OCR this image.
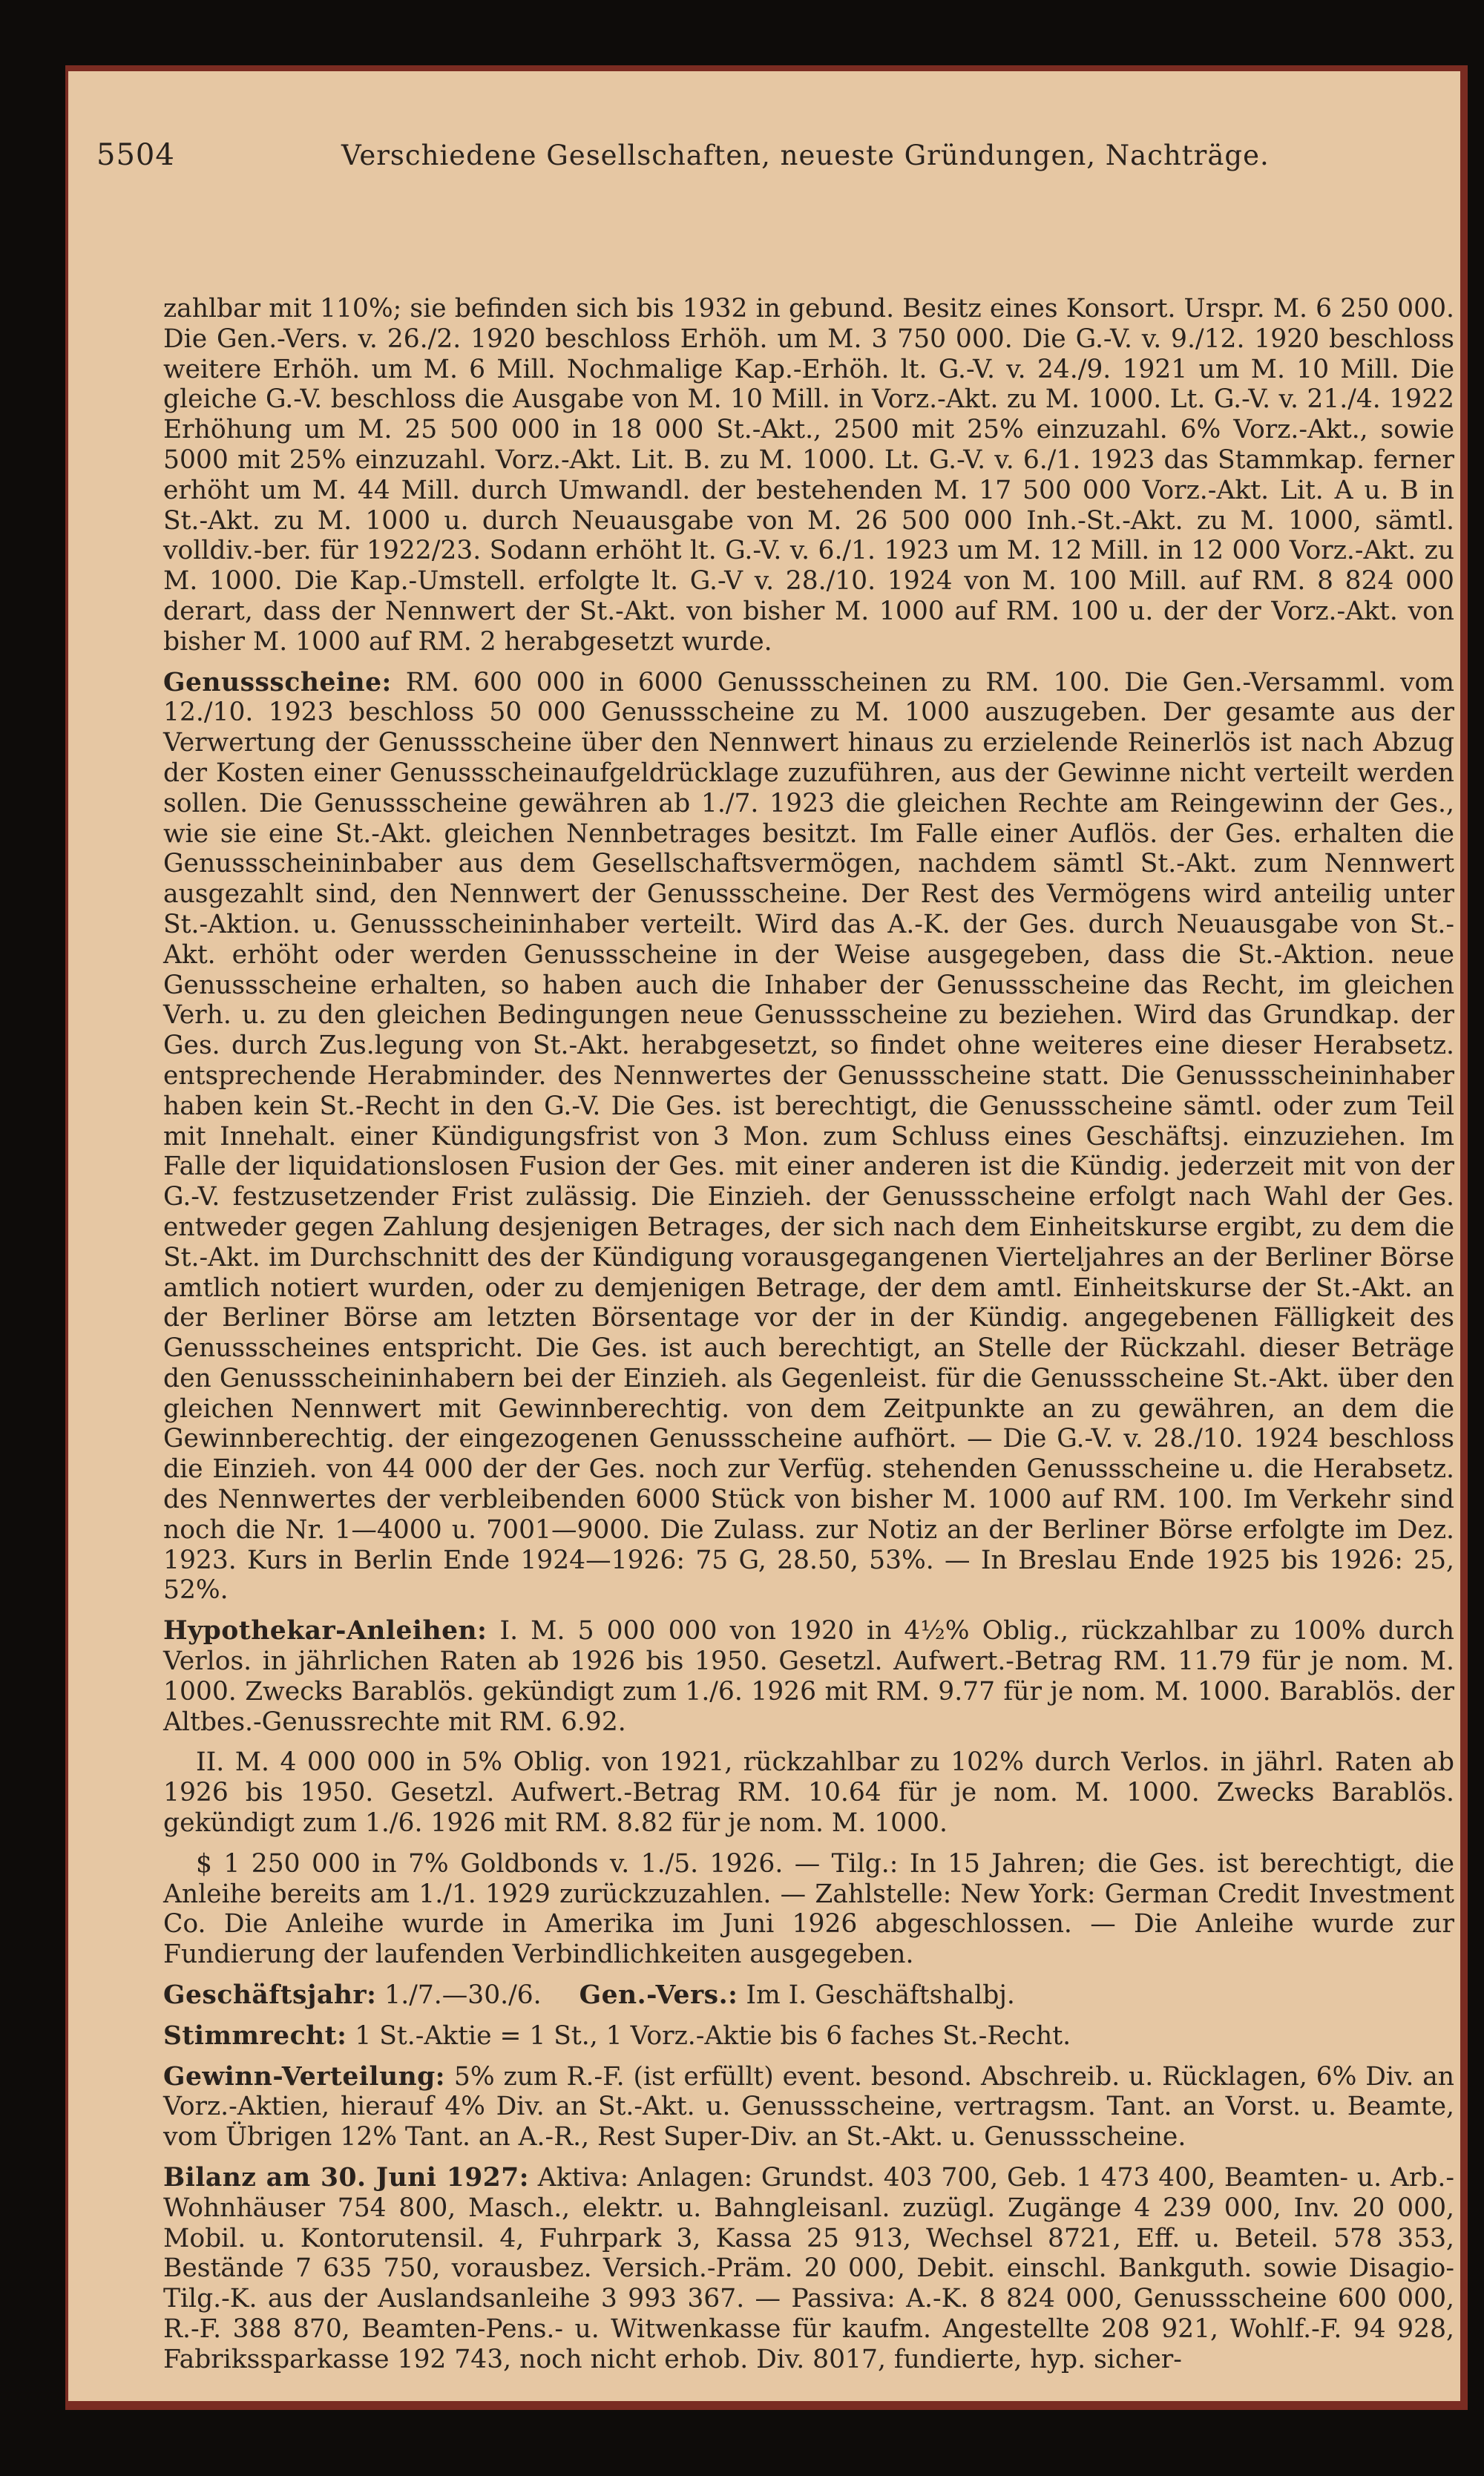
5504	Verschiedene Gesellschaften, neueste Gründungen, Nachträge.

zahlbar mit 110%; sie befinden sich bis 1932 in gebund. Besitz eines Konsort. Urspr. M. 6 250 000. Die Gen.-Vers. v. 26./2. 1920 beschloss Erhöh. um M. 3 750 000. Die G.-V. v. 9./12. 1920 beschloss weitere Erhöh. um M. 6 Mill. Nochmalige Kap.-Erhöh. lt. G.-V. v. 24./9. 1921 um M. 10 Mill. Die gleiche G.-V. beschloss die Ausgabe von M. 10 Mill. in Vorz.-Akt. zu M. 1000. Lt. G.-V. v. 21./4. 1922 Erhöhung um M. 25 500 000 in 18 000 St.-Akt., 2500 mit 25% einzuzahl. 6% Vorz.-Akt., sowie 5000 mit 25% einzuzahl. Vorz.-Akt. Lit. B. zu M. 1000. Lt. G.-V. v. 6./1. 1923 das Stammkap. ferner erhöht um M. 44 Mill. durch Umwandl. der bestehenden M. 17 500 000 Vorz.-Akt. Lit. A u. B in St.-Akt. zu M. 1000 u. durch Neuausgabe von M. 26 500 000 Inh.-St.-Akt. zu M. 1000, sämtl. volldiv.-ber. für 1922/23. Sodann erhöht lt. G.-V. v. 6./1. 1923 um M. 12 Mill. in 12 000 Vorz.-Akt. zu M. 1000. Die Kap.-Umstell. erfolgte lt. G.-V v. 28./10. 1924 von M. 100 Mill. auf RM. 8 824 000 derart, dass der Nennwert der St.-Akt. von bisher M. 1000 auf RM. 100 u. der der Vorz.-Akt. von bisher M. 1000 auf RM. 2 herabgesetzt wurde.

Genussscheine: RM. 600 000 in 6000 Genussscheinen zu RM. 100. Die Gen.-Versamml. vom 12./10. 1923 beschloss 50 000 Genussscheine zu M. 1000 auszugeben. Der gesamte aus der Verwertung der Genussscheine über den Nennwert hinaus zu erzielende Reinerlös ist nach Abzug der Kosten einer Genussscheinaufgeldrücklage zuzuführen, aus der Gewinne nicht verteilt werden sollen. Die Genussscheine gewähren ab 1./7. 1923 die gleichen Rechte am Reingewinn der Ges., wie sie eine St.-Akt. gleichen Nennbetrages besitzt. Im Falle einer Auflös. der Ges. erhalten die Genussscheininbaber aus dem Gesellschaftsvermögen, nachdem sämtl St.-Akt. zum Nennwert ausgezahlt sind, den Nennwert der Genussscheine. Der Rest des Vermögens wird anteilig unter St.-Aktion. u. Genussscheininhaber verteilt. Wird das A.-K. der Ges. durch Neuausgabe von St.-Akt. erhöht oder werden Genussscheine in der Weise ausgegeben, dass die St.-Aktion. neue Genussscheine erhalten, so haben auch die Inhaber der Genussscheine das Recht, im gleichen Verh. u. zu den gleichen Bedingungen neue Genussscheine zu beziehen. Wird das Grundkap. der Ges. durch Zus.legung von St.-Akt. herabgesetzt, so findet ohne weiteres eine dieser Herabsetz. entsprechende Herabminder. des Nennwertes der Genussscheine statt. Die Genussscheininhaber haben kein St.-Recht in den G.-V. Die Ges. ist berechtigt, die Genussscheine sämtl. oder zum Teil mit Innehalt. einer Kündigungsfrist von 3 Mon. zum Schluss eines Geschäftsj. einzuziehen. Im Falle der liquidationslosen Fusion der Ges. mit einer anderen ist die Kündig. jederzeit mit von der G.-V. festzusetzender Frist zulässig. Die Einzieh. der Genussscheine erfolgt nach Wahl der Ges. entweder gegen Zahlung desjenigen Betrages, der sich nach dem Einheitskurse ergibt, zu dem die St.-Akt. im Durchschnitt des der Kündigung vorausgegangenen Vierteljahres an der Berliner Börse amtlich notiert wurden, oder zu demjenigen Betrage, der dem amtl. Einheitskurse der St.-Akt. an der Berliner Börse am letzten Börsentage vor der in der Kündig. angegebenen Fälligkeit des Genussscheines entspricht. Die Ges. ist auch berechtigt, an Stelle der Rückzahl. dieser Beträge den Genussscheininhabern bei der Einzieh. als Gegenleist. für die Genussscheine St.-Akt. über den gleichen Nennwert mit Gewinnberechtig. von dem Zeitpunkte an zu gewähren, an dem die Gewinnberechtig. der eingezogenen Genussscheine aufhört. — Die G.-V. v. 28./10. 1924 beschloss die Einzieh. von 44 000 der der Ges. noch zur Verfüg. stehenden Genussscheine u. die Herabsetz. des Nennwertes der verbleibenden 6000 Stück von bisher M. 1000 auf RM. 100. Im Verkehr sind noch die Nr. 1—4000 u. 7001—9000. Die Zulass. zur Notiz an der Berliner Börse erfolgte im Dez. 1923. Kurs in Berlin Ende 1924—1926: 75 G, 28.50, 53%. — In Breslau Ende 1925 bis 1926: 25, 52%.

Hypothekar-Anleihen: I. M. 5 000 000 von 1920 in 4½% Oblig., rückzahlbar zu 100% durch Verlos. in jährlichen Raten ab 1926 bis 1950. Gesetzl. Aufwert.-Betrag RM. 11.79 für je nom. M. 1000. Zwecks Barablös. gekündigt zum 1./6. 1926 mit RM. 9.77 für je nom. M. 1000. Barablös. der Altbes.-Genussrechte mit RM. 6.92.

II. M. 4 000 000 in 5% Oblig. von 1921, rückzahlbar zu 102% durch Verlos. in jährl. Raten ab 1926 bis 1950. Gesetzl. Aufwert.-Betrag RM. 10.64 für je nom. M. 1000. Zwecks Barablös. gekündigt zum 1./6. 1926 mit RM. 8.82 für je nom. M. 1000.

$ 1 250 000 in 7% Goldbonds v. 1./5. 1926. — Tilg.: In 15 Jahren; die Ges. ist berechtigt, die Anleihe bereits am 1./1. 1929 zurückzuzahlen. — Zahlstelle: New York: German Credit Investment Co. Die Anleihe wurde in Amerika im Juni 1926 abgeschlossen. — Die Anleihe wurde zur Fundierung der laufenden Verbindlichkeiten ausgegeben.

Geschäftsjahr: 1./7.—30./6. Gen.-Vers.: Im I. Geschäftshalbj.

Stimmrecht: 1 St.-Aktie = 1 St., 1 Vorz.-Aktie bis 6 faches St.-Recht.

Gewinn-Verteilung: 5% zum R.-F. (ist erfüllt) event. besond. Abschreib. u. Rücklagen, 6% Div. an Vorz.-Aktien, hierauf 4% Div. an St.-Akt. u. Genussscheine, vertragsm. Tant. an Vorst. u. Beamte, vom Übrigen 12% Tant. an A.-R., Rest Super-Div. an St.-Akt. u. Genussscheine.

Bilanz am 30. Juni 1927: Aktiva: Anlagen: Grundst. 403 700, Geb. 1 473 400, Beamten- u. Arb.-Wohnhäuser 754 800, Masch., elektr. u. Bahngleisanl. zuzügl. Zugänge 4 239 000, Inv. 20 000, Mobil. u. Kontorutensil. 4, Fuhrpark 3, Kassa 25 913, Wechsel 8721, Eff. u. Beteil. 578 353, Bestände 7 635 750, vorausbez. Versich.-Präm. 20 000, Debit. einschl. Bankguth. sowie Disagio-Tilg.-K. aus der Auslandsanleihe 3 993 367. — Passiva: A.-K. 8 824 000, Genussscheine 600 000, R.-F. 388 870, Beamten-Pens.- u. Witwenkasse für kaufm. Angestellte 208 921, Wohlf.-F. 94 928, Fabrikssparkasse 192 743, noch nicht erhob. Div. 8017, fundierte, hyp. sicher-
